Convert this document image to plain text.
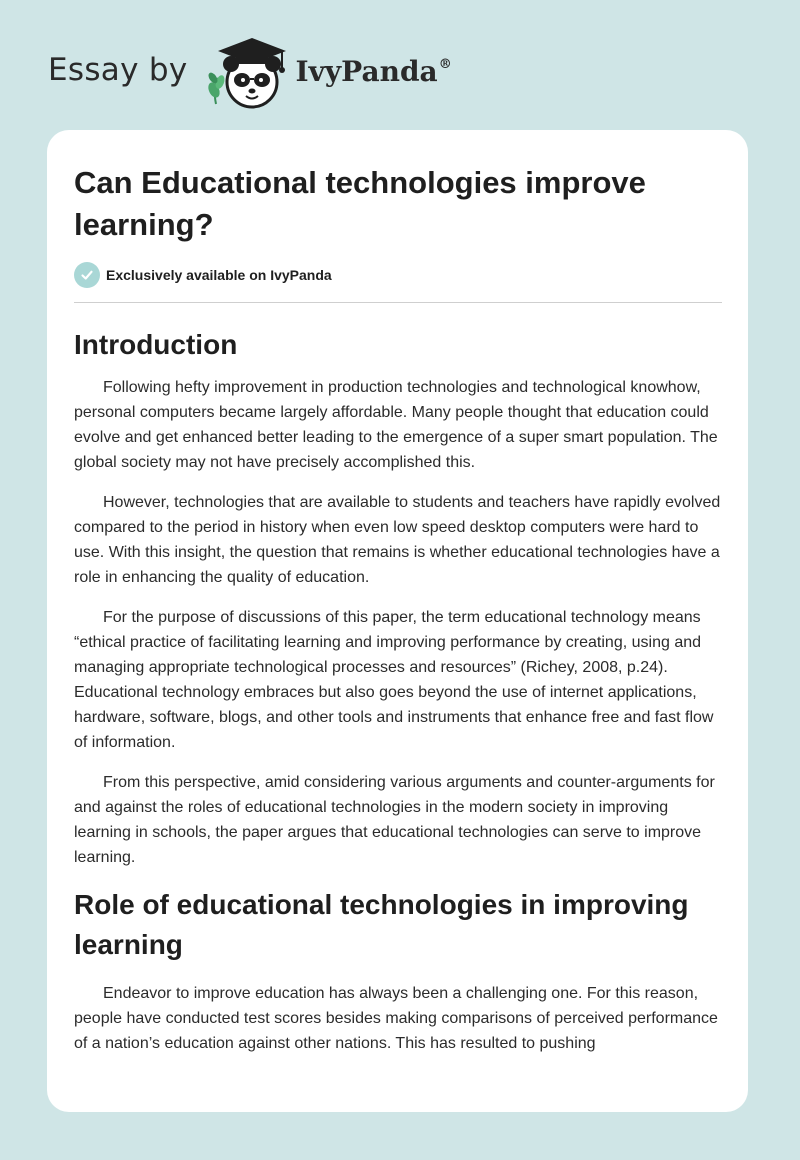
Essay by	IvyPanda®
Can Educational technologies improve learning?
Exclusively available on IvyPanda
Introduction

Following hefty improvement in production technologies and technological knowhow, personal computers became largely affordable. Many people thought that education could evolve and get enhanced better leading to the emergence of a super smart population. The global society may not have precisely accomplished this.

However, technologies that are available to students and teachers have rapidly evolved compared to the period in history when even low speed desktop computers were hard to use. With this insight, the question that remains is whether educational technologies have a role in enhancing the quality of education.

For the purpose of discussions of this paper, the term educational technology means “ethical practice of facilitating learning and improving performance by creating, using and managing appropriate technological processes and resources” (Richey, 2008, p.24). Educational technology embraces but also goes beyond the use of internet applications, hardware, software, blogs, and other tools and instruments that enhance free and fast flow of information.

From this perspective, amid considering various arguments and counter-arguments for and against the roles of educational technologies in the modern society in improving learning in schools, the paper argues that educational technologies can serve to improve learning.

Role of educational technologies in improving learning

Endeavor to improve education has always been a challenging one. For this reason, people have conducted test scores besides making comparisons of perceived performance of a nation’s education against other nations. This has resulted to pushing
